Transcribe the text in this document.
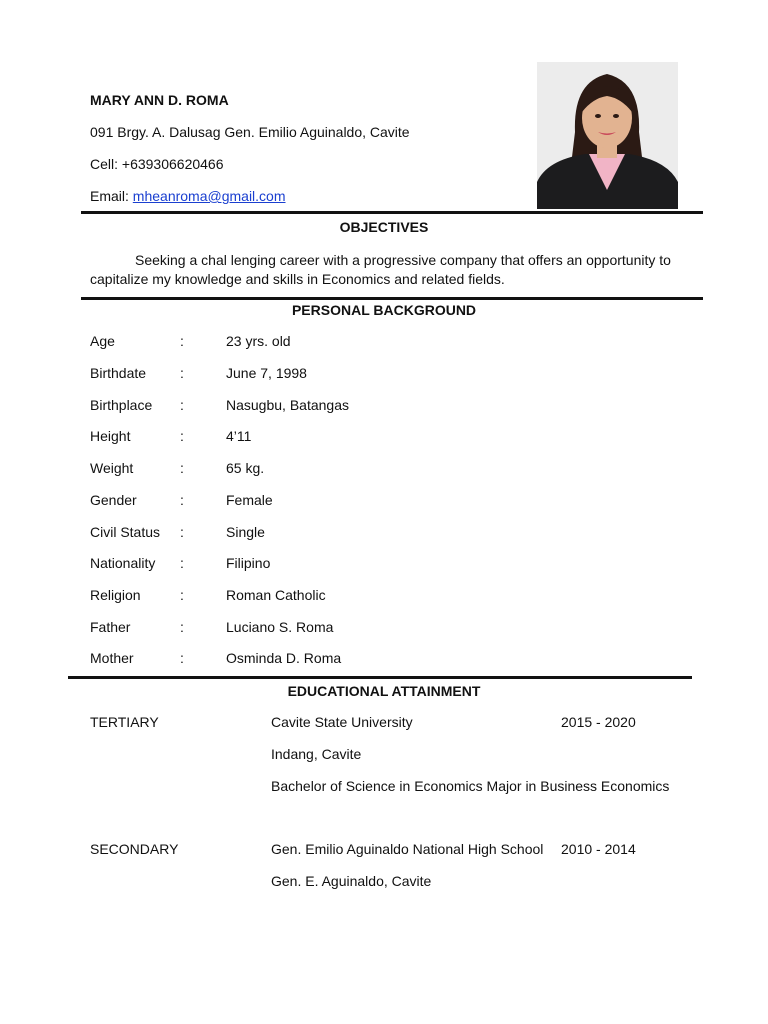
MARY ANN D. ROMA
091 Brgy. A. Dalusag Gen. Emilio Aguinaldo, Cavite
Cell: +639306620466
Email: mheanroma@gmail.com
OBJECTIVES
Seeking a chal lenging career with a progressive company that offers an opportunity to
capitalize my knowledge and skills in Economics and related fields.
PERSONAL BACKGROUND
Age	:	23 yrs. old
Birthdate :	June 7, 1998
Birthplace :	Nasugbu, Batangas
Height	:	4’11
Weight	:	65 kg.
Gender	:	Female
Civil Status :	Single
Nationality :	Filipino
Religion	:	Roman Catholic
Father	:	Luciano S. Roma
Mother	:	Osminda D. Roma
EDUCATIONAL ATTAINMENT
TERTIARY	Cavite State University	2015 - 2020
Indang, Cavite
Bachelor of Science in Economics Major in Business Economics
SECONDARY	Gen. Emilio Aguinaldo National High School 2010 - 2014
Gen. E. Aguinaldo, Cavite
